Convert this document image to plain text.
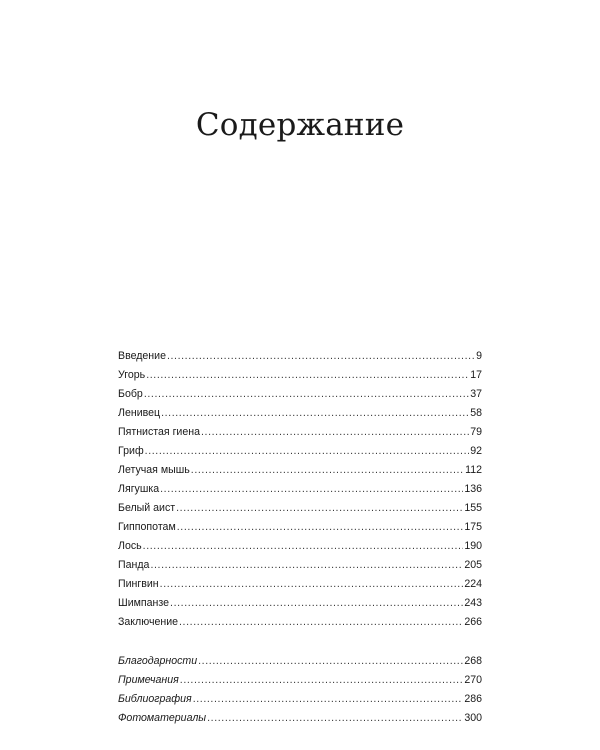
Содержание
Введение .....	9
Угорь .....	17
Бобр .....	37
Ленивец .....	58
Пятнистая гиена .....	79
Гриф .....	92
Летучая мышь .....	112
Лягушка .....	136
Белый аист .....	155
Гиппопотам .....	175
Лось .....	190
Панда .....	205
Пингвин .....	224
Шимпанзе .....	243
Заключение .....	266
Благодарности .....	268
Примечания .....	270
Библиография .....	286
Фотоматериалы .....	300
